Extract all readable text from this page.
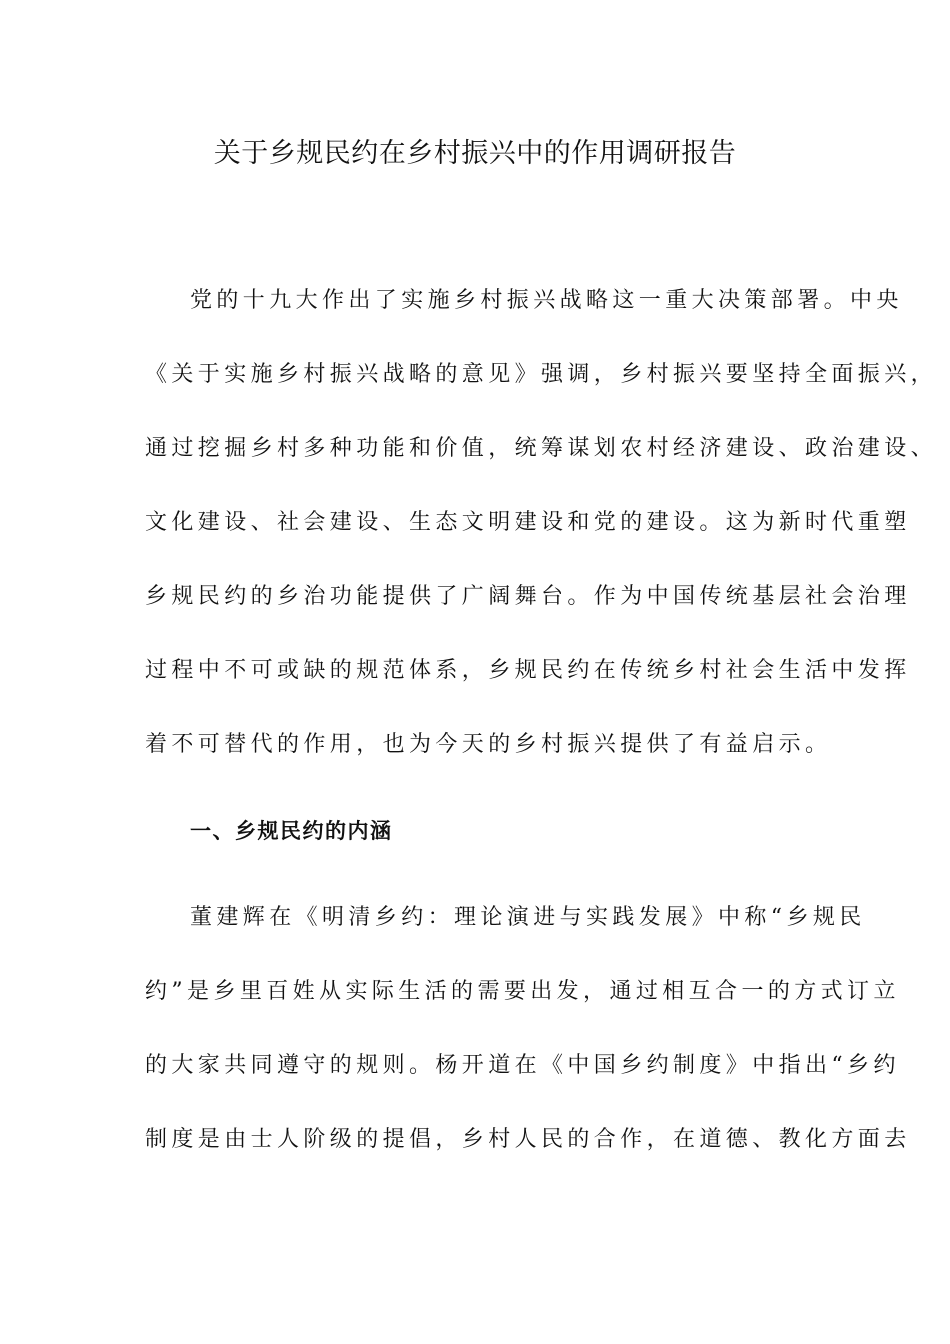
关于乡规民约在乡村振兴中的作用调研报告

党的十九大作出了实施乡村振兴战略这一重大决策部署。中央

《关于实施乡村振兴战略的意见》强调，乡村振兴要坚持全面振兴，

通过挖掘乡村多种功能和价值，统筹谋划农村经济建设、政治建设、

文化建设、社会建设、生态文明建设和党的建设。这为新时代重塑

乡规民约的乡治功能提供了广阔舞台。作为中国传统基层社会治理

过程中不可或缺的规范体系，乡规民约在传统乡村社会生活中发挥

着不可替代的作用，也为今天的乡村振兴提供了有益启示。

一、乡规民约的内涵

董建辉在《明清乡约：理论演进与实践发展》中称“乡规民

约”是乡里百姓从实际生活的需要出发，通过相互合一的方式订立

的大家共同遵守的规则。杨开道在《中国乡约制度》中指出“乡约

制度是由士人阶级的提倡，乡村人民的合作，在道德、教化方面去
